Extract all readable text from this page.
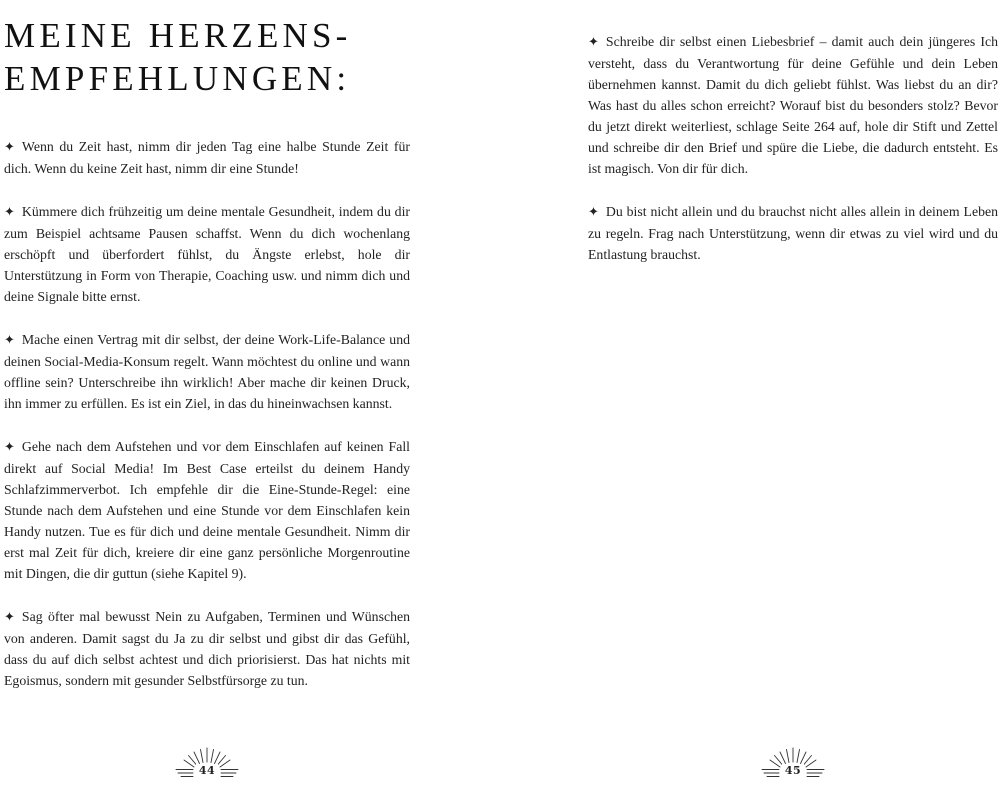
MEINE HERZENS-
EMPFEHLUNGEN:

✦ Wenn du Zeit hast, nimm dir jeden Tag eine halbe Stunde Zeit für dich. Wenn du keine Zeit hast, nimm dir eine Stunde!

✦ Kümmere dich frühzeitig um deine mentale Gesundheit, indem du dir zum Beispiel achtsame Pausen schaffst. Wenn du dich wochenlang erschöpft und überfordert fühlst, du Ängste erlebst, hole dir Unterstützung in Form von Therapie, Coaching usw. und nimm dich und deine Signale bitte ernst.

✦ Mache einen Vertrag mit dir selbst, der deine Work-Life-Balance und deinen Social-Media-Konsum regelt. Wann möchtest du online und wann offline sein? Unterschreibe ihn wirklich! Aber mache dir keinen Druck, ihn immer zu erfüllen. Es ist ein Ziel, in das du hineinwachsen kannst.

✦ Gehe nach dem Aufstehen und vor dem Einschlafen auf keinen Fall direkt auf Social Media! Im Best Case erteilst du deinem Handy Schlafzimmerverbot. Ich empfehle dir die Eine-Stunde-Regel: eine Stunde nach dem Aufstehen und eine Stunde vor dem Einschlafen kein Handy nutzen. Tue es für dich und deine mentale Gesundheit. Nimm dir erst mal Zeit für dich, kreiere dir eine ganz persönliche Morgenroutine mit Dingen, die dir guttun (siehe Kapitel 9).

✦ Sag öfter mal bewusst Nein zu Aufgaben, Terminen und Wünschen von anderen. Damit sagst du Ja zu dir selbst und gibst dir das Gefühl, dass du auf dich selbst achtest und dich priorisierst. Das hat nichts mit Egoismus, sondern mit gesunder Selbstfürsorge zu tun.

44

✦ Schreibe dir selbst einen Liebesbrief – damit auch dein jüngeres Ich versteht, dass du Verantwortung für deine Gefühle und dein Leben übernehmen kannst. Damit du dich geliebt fühlst. Was liebst du an dir? Was hast du alles schon erreicht? Worauf bist du besonders stolz? Bevor du jetzt direkt weiterliest, schlage Seite 264 auf, hole dir Stift und Zettel und schreibe dir den Brief und spüre die Liebe, die dadurch entsteht. Es ist magisch. Von dir für dich.

✦ Du bist nicht allein und du brauchst nicht alles allein in deinem Leben zu regeln. Frag nach Unterstützung, wenn dir etwas zu viel wird und du Entlastung brauchst.

45
